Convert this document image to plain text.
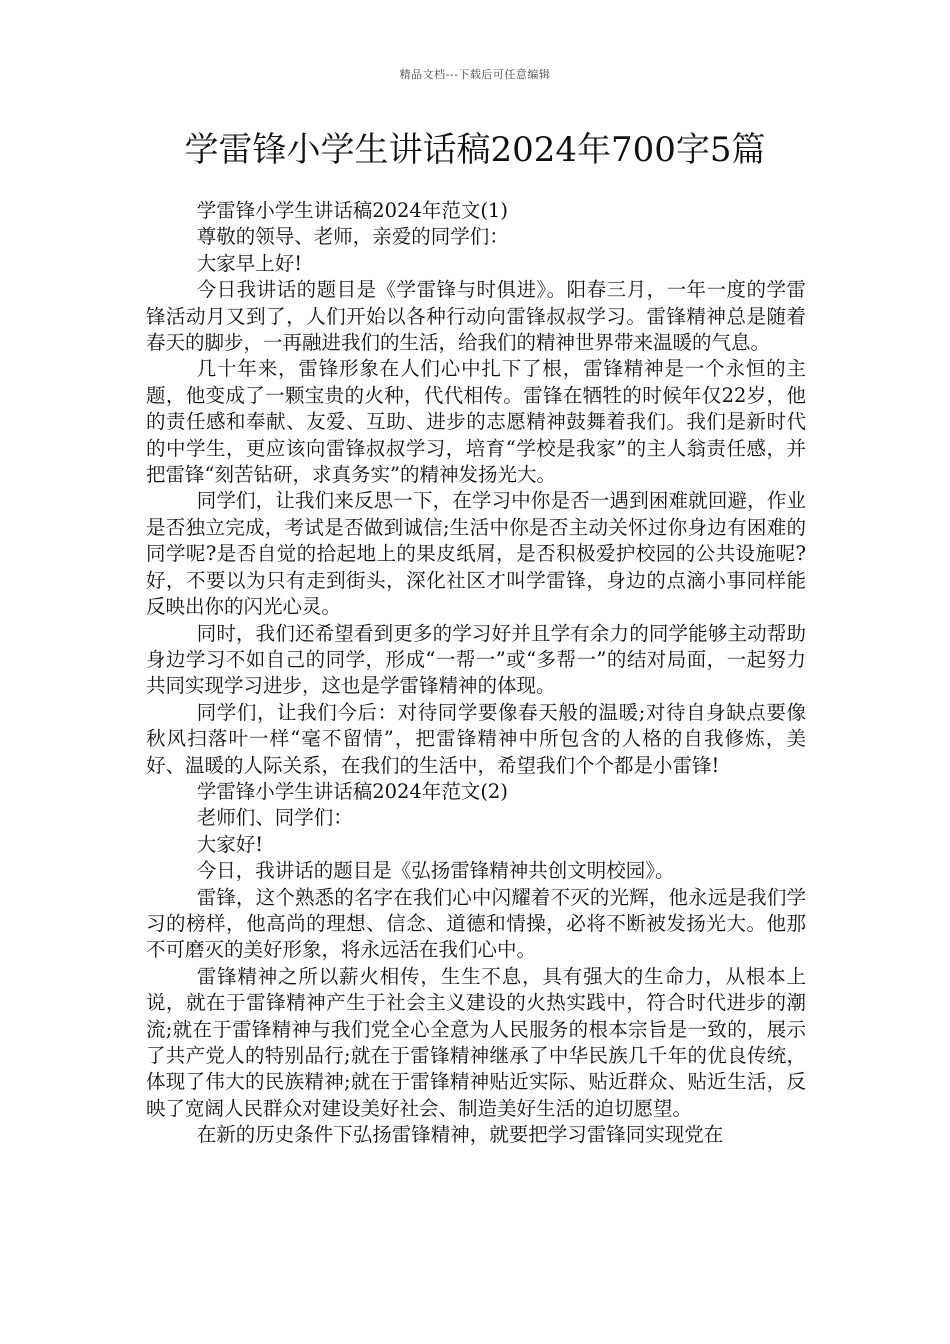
精品文档---下载后可任意编辑
学雷锋小学生讲话稿2024年700字5篇

学雷锋小学生讲话稿2024年范文(1)

尊敬的领导、老师，亲爱的同学们：

大家早上好!

今日我讲话的题目是《学雷锋与时俱进》。阳春三月，一年一度的学雷锋活动月又到了，人们开始以各种行动向雷锋叔叔学习。雷锋精神总是随着春天的脚步，一再融进我们的生活，给我们的精神世界带来温暖的气息。

几十年来，雷锋形象在人们心中扎下了根，雷锋精神是一个永恒的主题，他变成了一颗宝贵的火种，代代相传。雷锋在牺牲的时候年仅22岁，他的责任感和奉献、友爱、互助、进步的志愿精神鼓舞着我们。我们是新时代的中学生，更应该向雷锋叔叔学习，培育“学校是我家”的主人翁责任感，并把雷锋“刻苦钻研，求真务实”的精神发扬光大。

同学们，让我们来反思一下，在学习中你是否一遇到困难就回避，作业是否独立完成，考试是否做到诚信;生活中你是否主动关怀过你身边有困难的同学呢?是否自觉的拾起地上的果皮纸屑，是否积极爱护校园的公共设施呢?好，不要以为只有走到街头，深化社区才叫学雷锋，身边的点滴小事同样能反映出你的闪光心灵。

同时，我们还希望看到更多的学习好并且学有余力的同学能够主动帮助身边学习不如自己的同学，形成“一帮一”或“多帮一”的结对局面，一起努力共同实现学习进步，这也是学雷锋精神的体现。

同学们，让我们今后：对待同学要像春天般的温暖;对待自身缺点要像秋风扫落叶一样“毫不留情”，把雷锋精神中所包含的人格的自我修炼，美好、温暖的人际关系，在我们的生活中，希望我们个个都是小雷锋!

学雷锋小学生讲话稿2024年范文(2)

老师们、同学们：

大家好!

今日，我讲话的题目是《弘扬雷锋精神共创文明校园》。

雷锋，这个熟悉的名字在我们心中闪耀着不灭的光辉，他永远是我们学习的榜样，他高尚的理想、信念、道德和情操，必将不断被发扬光大。他那不可磨灭的美好形象，将永远活在我们心中。

雷锋精神之所以薪火相传，生生不息，具有强大的生命力，从根本上说，就在于雷锋精神产生于社会主义建设的火热实践中，符合时代进步的潮流;就在于雷锋精神与我们党全心全意为人民服务的根本宗旨是一致的，展示了共产党人的特别品行;就在于雷锋精神继承了中华民族几千年的优良传统，体现了伟大的民族精神;就在于雷锋精神贴近实际、贴近群众、贴近生活，反映了宽阔人民群众对建设美好社会、制造美好生活的迫切愿望。

在新的历史条件下弘扬雷锋精神，就要把学习雷锋同实现党在
